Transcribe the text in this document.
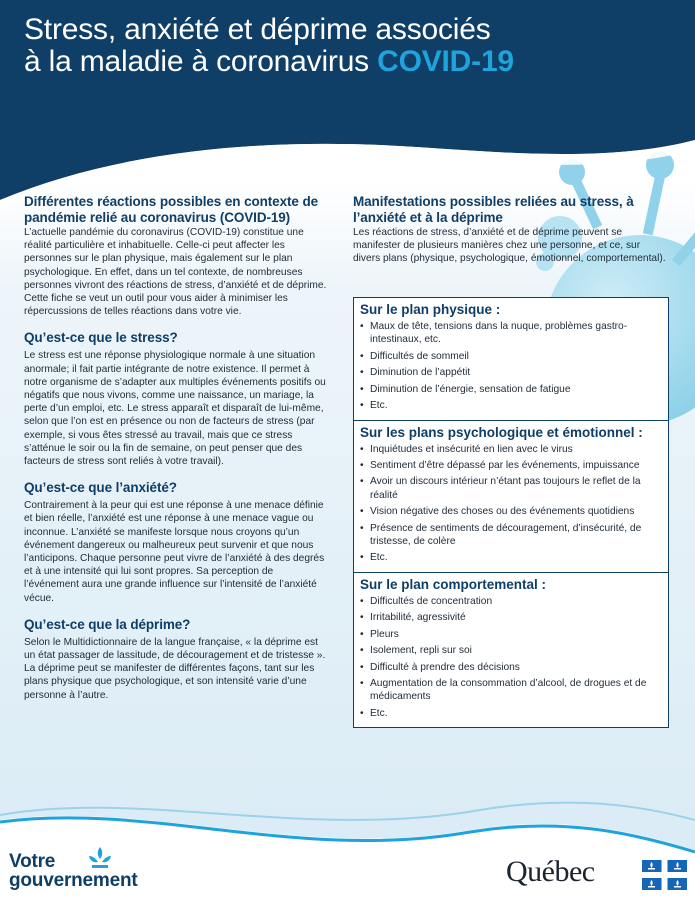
Stress, anxiété et déprime associés
à la maladie à coronavirus COVID-19
Différentes réactions possibles en contexte de pandémie relié au coronavirus (COVID-19)

L’actuelle pandémie du coronavirus (COVID-19) constitue une réalité particulière et inhabituelle. Celle-ci peut affecter les personnes sur le plan physique, mais également sur le plan psychologique. En effet, dans un tel contexte, de nombreuses personnes vivront des réactions de stress, d’anxiété et de déprime. Cette fiche se veut un outil pour vous aider à minimiser les répercussions de telles réactions dans votre vie.

Qu’est-ce que le stress?

Le stress est une réponse physiologique normale à une situation anormale; il fait partie intégrante de notre existence. Il permet à notre organisme de s’adapter aux multiples événements positifs ou négatifs que nous vivons, comme une naissance, un mariage, la perte d’un emploi, etc. Le stress apparaît et disparaît de lui-même, selon que l’on est en présence ou non de facteurs de stress (par exemple, si vous êtes stressé au travail, mais que ce stress s’atténue le soir ou la fin de semaine, on peut penser que des facteurs de stress sont reliés à votre travail).

Qu’est-ce que l’anxiété?

Contrairement à la peur qui est une réponse à une menace définie et bien réelle, l’anxiété est une réponse à une menace vague ou inconnue. L’anxiété se manifeste lorsque nous croyons qu’un événement dangereux ou malheureux peut survenir et que nous l’anticipons. Chaque personne peut vivre de l’anxiété à des degrés et à une intensité qui lui sont propres. Sa perception de l’événement aura une grande influence sur l’intensité de l’anxiété vécue.

Qu’est-ce que la déprime?

Selon le Multidictionnaire de la langue française, « la déprime est un état passager de lassitude, de découragement et de tristesse ».

La déprime peut se manifester de différentes façons, tant sur les plans physique que psychologique, et son intensité varie d’une personne à l’autre.

Manifestations possibles reliées au stress, à l’anxiété et à la déprime

Les réactions de stress, d’anxiété et de déprime peuvent se manifester de plusieurs manières chez une personne, et ce, sur divers plans (physique, psychologique, émotionnel, comportemental).

Sur le plan physique :
• Maux de tête, tensions dans la nuque, problèmes gastro-intestinaux, etc.
• Difficultés de sommeil
• Diminution de l’appétit
• Diminution de l’énergie, sensation de fatigue
• Etc.
Sur les plans psychologique et émotionnel :
• Inquiétudes et insécurité en lien avec le virus
• Sentiment d’être dépassé par les événements, impuissance
• Avoir un discours intérieur n’étant pas toujours le reflet de la réalité
• Vision négative des choses ou des événements quotidiens
• Présence de sentiments de découragement, d’insécurité, de tristesse, de colère
• Etc.
Sur le plan comportemental :
• Difficultés de concentration
• Irritabilité, agressivité
• Pleurs
• Isolement, repli sur soi
• Difficulté à prendre des décisions
• Augmentation de la consommation d’alcool, de drogues et de médicaments
• Etc.
Votre
gouvernement	Québec
